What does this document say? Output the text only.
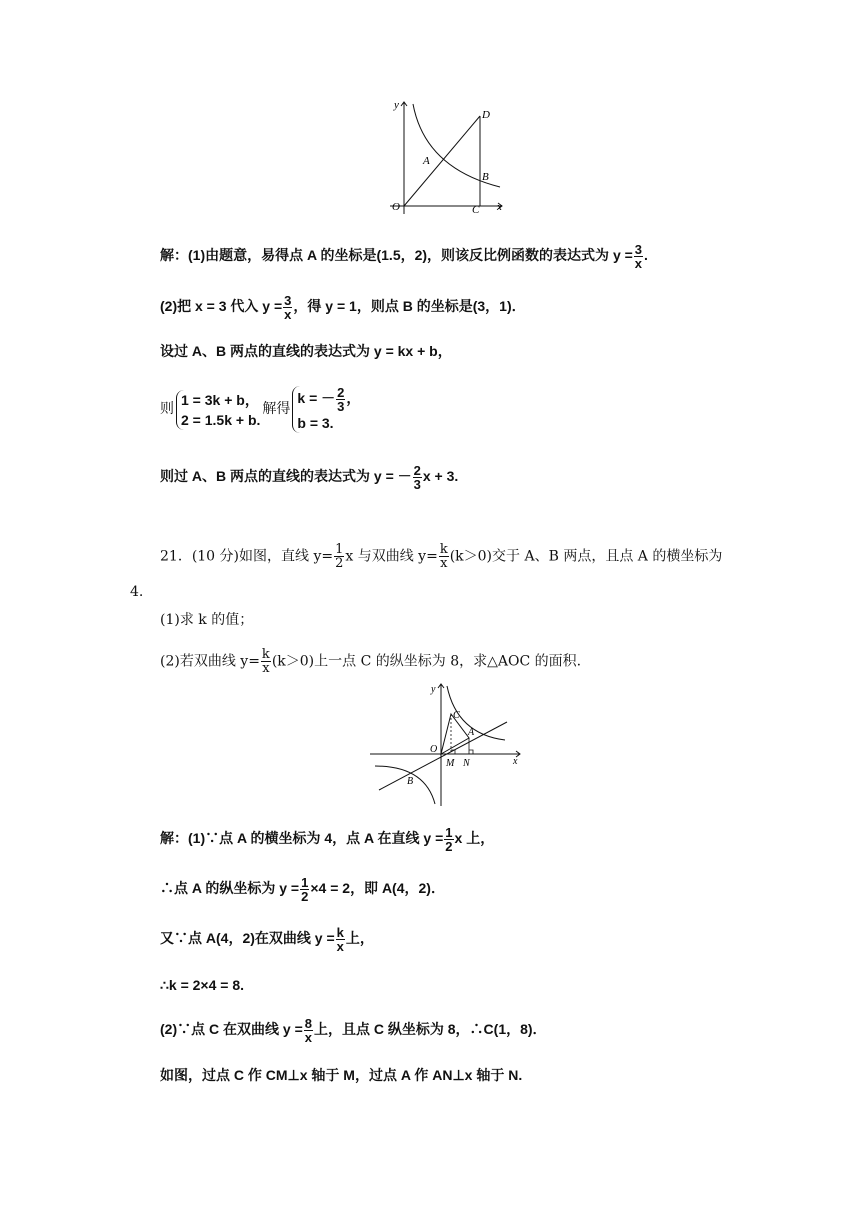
y
x
O
A
B
C
D
解：(1)由题意，易得点 A 的坐标是(1.5，2)，则该反比例函数的表达式为 $y = \frac{3}{x}$ .
(2)把 x = 3 代入 $y = \frac{3}{x}$ ，得 y = 1，则点 B 的坐标是(3，1)．
设过 A、B 两点的直线的表达式为 y = kx + b，
则
1 = 3k + b，
2 = 1.5k + b.
解得
k = － $\frac{2}{3}$ ，
b = 3.
则过 A、B 两点的直线的表达式为 y = － $\frac{2}{3}$ x + 3.
21．(10 分)如图，直线 $y= \frac{1}{2}$ x 与双曲线 $y= \frac{k}{x} (k>0)$交于 A、B 两点，且点 A 的横坐标为
4.
(1)求 k 的值；
(2)若双曲线 $y= \frac{k}{x} (k>0)$上一点 C 的纵坐标为 8，求△AOC 的面积.
y
x
O
C
A
M N
B
解：(1)∵点 A 的横坐标为 4，点 A 在直线 $y = \frac{1}{2}$ x 上，
∴点 A 的纵坐标为 $y = \frac{1}{2} \times 4 = 2$，即 A(4，2)．
又∵点 A(4，2)在双曲线 $y = \frac{k}{x}$ 上，
∴k = 2×4 = 8.
(2)∵点 C 在双曲线 $y = \frac{8}{x}$ 上，且点 C 纵坐标为 8，∴C(1，8)．
如图，过点 C 作 CM⊥x 轴于 M，过点 A 作 AN⊥x 轴于 N.
